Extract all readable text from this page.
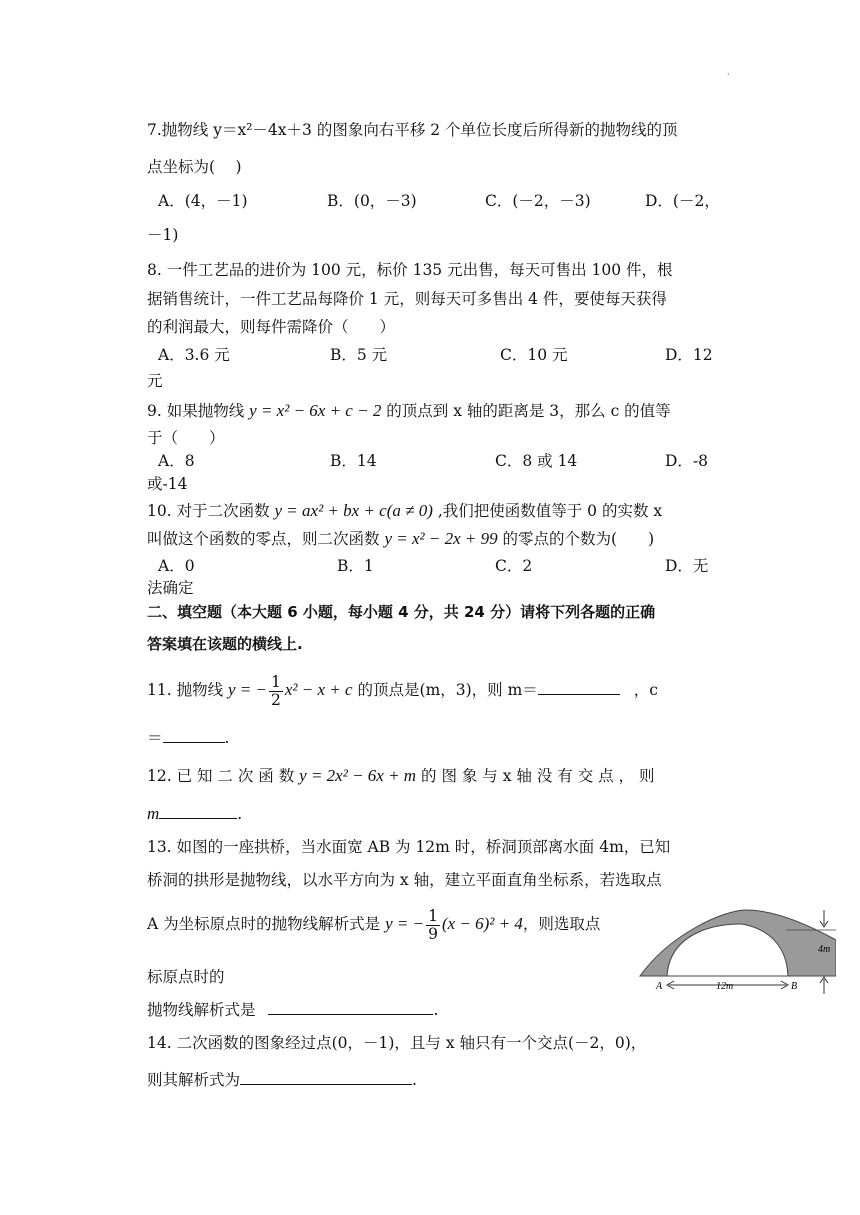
·
7.抛物线 y＝x²－4x＋3 的图象向右平移 2 个单位长度后所得新的抛物线的顶
点坐标为(　 )
A．(4，－1)	B．(0，－3)	C．(－2，－3)	D．(－2，
－1)
8. 一件工艺品的进价为 100 元，标价 135 元出售，每天可售出 100 件，根
据销售统计，一件工艺品每降价 1 元，则每天可多售出 4 件，要使每天获得
的利润最大，则每件需降价（　　）
A．3.6 元	B．5 元	C．10 元	D．12
元
9. 如果抛物线 y = x² − 6x + c − 2 的顶点到 x 轴的距离是 3，那么 c 的值等
于（　　）
A．8	B．14	C．8 或 14	D．-8
或-14
10. 对于二次函数 y = ax² + bx + c(a ≠ 0) ,我们把使函数值等于 0 的实数 x
叫做这个函数的零点，则二次函数 y = x² − 2x + 99 的零点的个数为(　　)
A．0	B．1	C．2	D．无
法确定
二、填空题（本大题 6 小题，每小题 4 分，共 24 分）请将下列各题的正确
答案填在该题的横线上.
11. 抛物线 y = − $\frac{1}{2} x^2 - x + c$ 的顶点是(m，3)，则 m＝	，c
＝	.
12. 已 知 二 次 函 数 y = 2x² − 6x + m 的 图 象 与 x 轴 没 有 交 点 ， 则
m	.
13. 如图的一座拱桥，当水面宽 AB 为 12m 时，桥洞顶部离水面 4m，已知
桥洞的拱形是抛物线，以水平方向为 x 轴，建立平面直角坐标系，若选取点
A 为坐标原点时的抛物线解析式是 y = − $\frac{1}{9} (x - 6)^2 + 4$，则选取点
标原点时的
抛物线解析式是	.
4m
A	12m	B
14. 二次函数的图象经过点(0，－1)，且与 x 轴只有一个交点(－2，0)，
则其解析式为	.
